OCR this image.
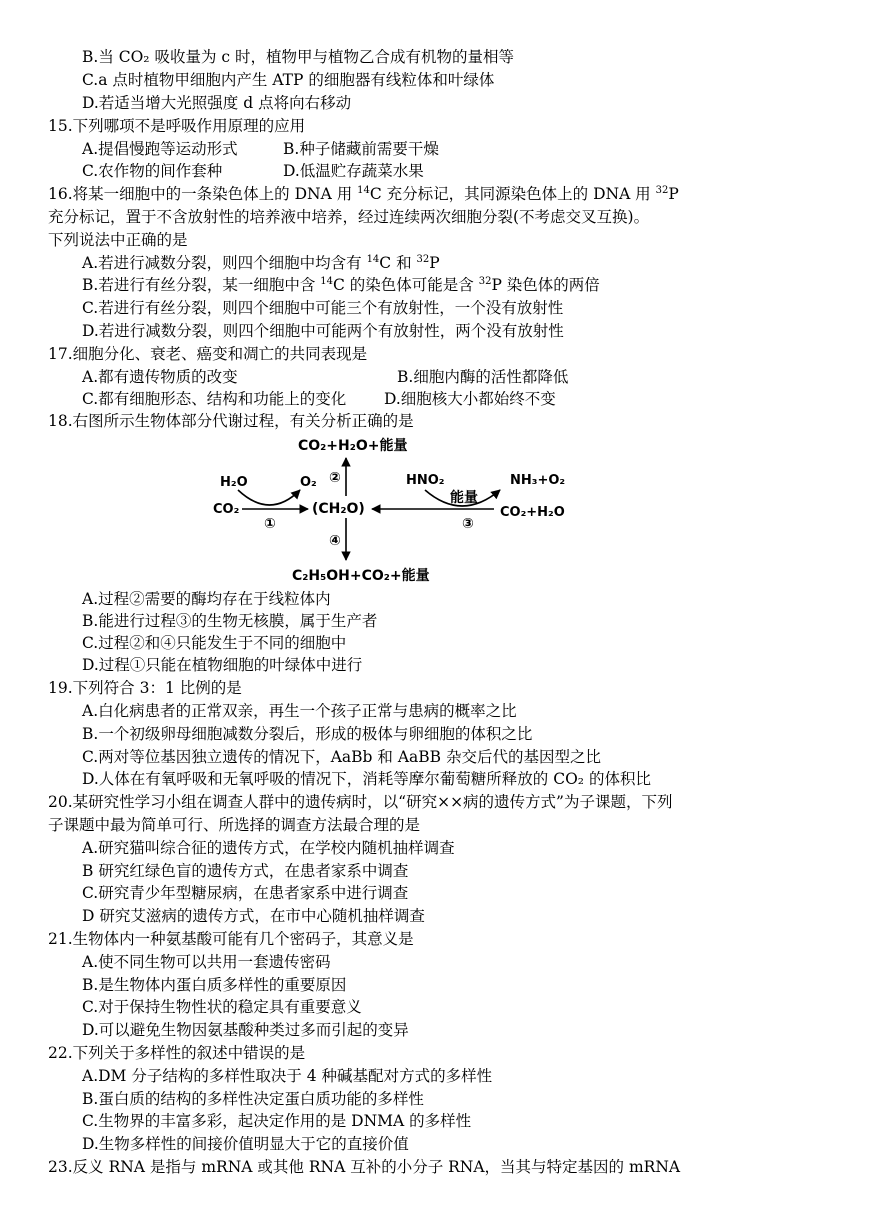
B.当 CO₂ 吸收量为 c 时，植物甲与植物乙合成有机物的量相等
C.a 点时植物甲细胞内产生 ATP 的细胞器有线粒体和叶绿体
D.若适当增大光照强度 d 点将向右移动
15.下列哪项不是呼吸作用原理的应用
A.提倡慢跑等运动形式	B.种子储藏前需要干燥
C.农作物的间作套种	D.低温贮存蔬菜水果
16.将某一细胞中的一条染色体上的 DNA 用 $^{14}$C 充分标记，其同源染色体上的 DNA 用 $^{32}$P
充分标记，置于不含放射性的培养液中培养，经过连续两次细胞分裂(不考虑交叉互换)。
下列说法中正确的是
A.若进行减数分裂，则四个细胞中均含有 $^{14}$C 和 $^{32}$P
B.若进行有丝分裂，某一细胞中含 $^{14}$C 的染色体可能是含 $^{32}$P 染色体的两倍
C.若进行有丝分裂，则四个细胞中可能三个有放射性，一个没有放射性
D.若进行减数分裂，则四个细胞中可能两个有放射性，两个没有放射性
17.细胞分化、衰老、癌变和凋亡的共同表现是
A.都有遗传物质的改变	B.细胞内酶的活性都降低
C.都有细胞形态、结构和功能上的变化 D.细胞核大小都始终不变
18.右图所示生物体部分代谢过程，有关分析正确的是
CO₂+H₂O+能量
H₂O	O₂
CO₂	(CH₂O)
HNO₂
能量
NH₃+O₂
CO₂+H₂O
C₂H₅OH+CO₂+能量
①
②
④
③
A.过程②需要的酶均存在于线粒体内
B.能进行过程③的生物无核膜，属于生产者
C.过程②和④只能发生于不同的细胞中
D.过程①只能在植物细胞的叶绿体中进行
19.下列符合 3：1 比例的是
A.白化病患者的正常双亲，再生一个孩子正常与患病的概率之比
B.一个初级卵母细胞减数分裂后，形成的极体与卵细胞的体积之比
C.两对等位基因独立遗传的情况下，AaBb 和 AaBB 杂交后代的基因型之比
D.人体在有氧呼吸和无氧呼吸的情况下，消耗等摩尔葡萄糖所释放的 CO₂ 的体积比
20.某研究性学习小组在调查人群中的遗传病时，以“研究××病的遗传方式”为子课题，下列
子课题中最为简单可行、所选择的调查方法最合理的是
A.研究猫叫综合征的遗传方式，在学校内随机抽样调查
B 研究红绿色盲的遗传方式，在患者家系中调查
C.研究青少年型糖尿病，在患者家系中进行调查
D 研究艾滋病的遗传方式，在市中心随机抽样调查
21.生物体内一种氨基酸可能有几个密码子，其意义是
A.使不同生物可以共用一套遗传密码
B.是生物体内蛋白质多样性的重要原因
C.对于保持生物性状的稳定具有重要意义
D.可以避免生物因氨基酸种类过多而引起的变异
22.下列关于多样性的叙述中错误的是
A.DM 分子结构的多样性取决于 4 种碱基配对方式的多样性
B.蛋白质的结构的多样性决定蛋白质功能的多样性
C.生物界的丰富多彩，起决定作用的是 DNMA 的多样性
D.生物多样性的间接价值明显大于它的直接价值
23.反义 RNA 是指与 mRNA 或其他 RNA 互补的小分子 RNA，当其与特定基因的 mRNA
